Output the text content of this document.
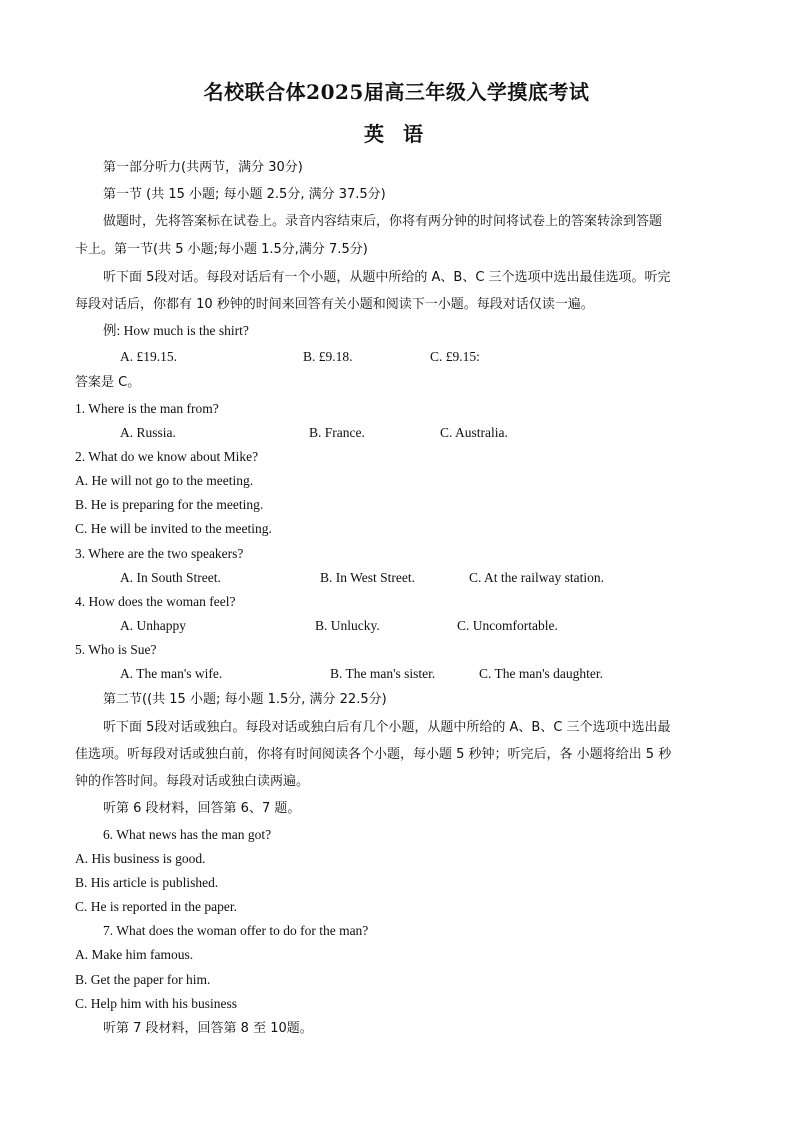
名校联合体2025届高三年级入学摸底考试
英 语
第一部分听力(共两节，满分 30分)
第一节 (共 15 小题; 每小题 2.5分, 满分 37.5分)
做题时，先将答案标在试卷上。录音内容结束后，你将有两分钟的时间将试卷上的答案转涂到答题
卡上。第一节(共 5 小题;每小题 1.5分,满分 7.5分)
听下面 5段对话。每段对话后有一个小题，从题中所给的 A、B、C 三个选项中选出最佳选项。听完
每段对话后，你都有 10 秒钟的时间来回答有关小题和阅读下一小题。每段对话仅读一遍。
例: How much is the shirt?
A. £19.15.	B. £9.18.	C. £9.15:
答案是 C。
1. Where is the man from?
A. Russia.	B. France.	C. Australia.
2. What do we know about Mike?
A. He will not go to the meeting.
B. He is preparing for the meeting.
C. He will be invited to the meeting.
3. Where are the two speakers?
A. In South Street.	B. In West Street.	C. At the railway station.
4. How does the woman feel?
A. Unhappy	B. Unlucky.	C. Uncomfortable.
5. Who is Sue?
A. The man's wife.	B. The man's sister.	C. The man's daughter.
第二节((共 15 小题; 每小题 1.5分, 满分 22.5分)
听下面 5段对话或独白。每段对话或独白后有几个小题，从题中所给的 A、B、C 三个选项中选出最
佳选项。听每段对话或独白前，你将有时间阅读各个小题，每小题 5 秒钟；听完后，各 小题将给出 5 秒
钟的作答时间。每段对话或独白读两遍。
听第 6 段材料，回答第 6、7 题。
6. What news has the man got?
A. His business is good.
B. His article is published.
C. He is reported in the paper.
7. What does the woman offer to do for the man?
A. Make him famous.
B. Get the paper for him.
C. Help him with his business
听第 7 段材料，回答第 8 至 10题。
